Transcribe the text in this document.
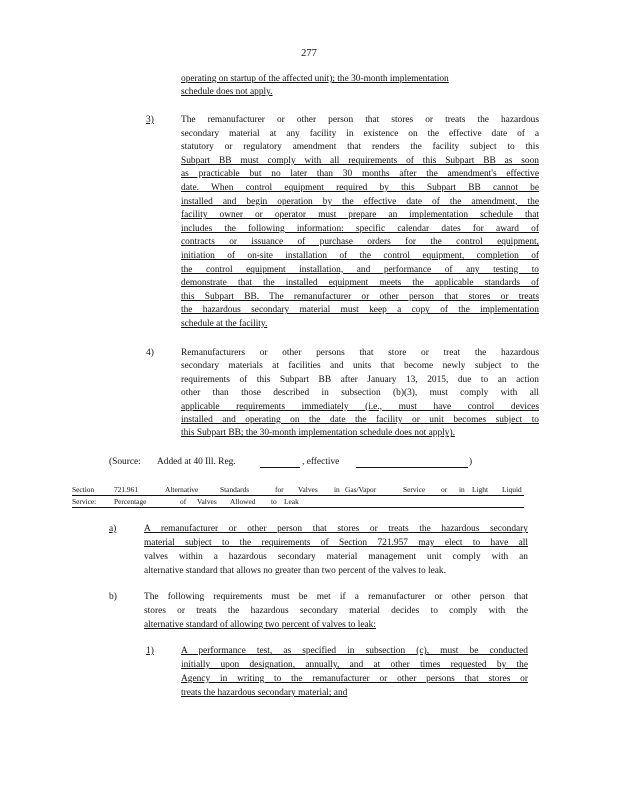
277
operating on startup of the affected unit); the 30-month implementation
schedule does not apply.
3)	The remanufacturer or other person that stores or treats the hazardous
secondary material at any facility in existence on the effective date of a
statutory or regulatory amendment that renders the facility subject to this
Subpart BB must comply with all requirements of this Subpart BB as soon
as practicable but no later than 30 months after the amendment's effective
date. When control equipment required by this Subpart BB cannot be
installed and begin operation by the effective date of the amendment, the
facility owner or operator must prepare an implementation schedule that
includes the following information: specific calendar dates for award of
contracts or issuance of purchase orders for the control equipment,
initiation of on-site installation of the control equipment, completion of
the control equipment installation, and performance of any testing to
demonstrate that the installed equipment meets the applicable standards of
this Subpart BB. The remanufacturer or other person that stores or treats
the hazardous secondary material must keep a copy of the implementation
schedule at the facility.
4)	Remanufacturers or other persons that store or treat the hazardous
secondary materials at facilities and units that become newly subject to the
requirements of this Subpart BB after January 13, 2015, due to an action
other than those described in subsection (b)(3), must comply with all
applicable requirements immediately (i.e., must have control devices
installed and operating on the date the facility or unit becomes subject to
this Subpart BB; the 30-month implementation schedule does not apply).
(Source: Added at 40 Ill. Reg.	, effective	)
Section	721.961	Alternative	Standards	for Valves in Gas/Vapor	Service or in Light Liquid
Service: Percentage	of Valves Allowed to Leak
a)	A remanufacturer or other person that stores or treats the hazardous secondary
material subject to the requirements of Section 721.957 may elect to have all
valves within a hazardous secondary material management unit comply with an
alternative standard that allows no greater than two percent of the valves to leak.
b)	The following requirements must be met if a remanufacturer or other person that
stores or treats the hazardous secondary material decides to comply with the
alternative standard of allowing two percent of valves to leak:
1)	A performance test, as specified in subsection (c), must be conducted
initially upon designation, annually, and at other times requested by the
Agency in writing to the remanufacturer or other persons that stores or
treats the hazardous secondary material; and
